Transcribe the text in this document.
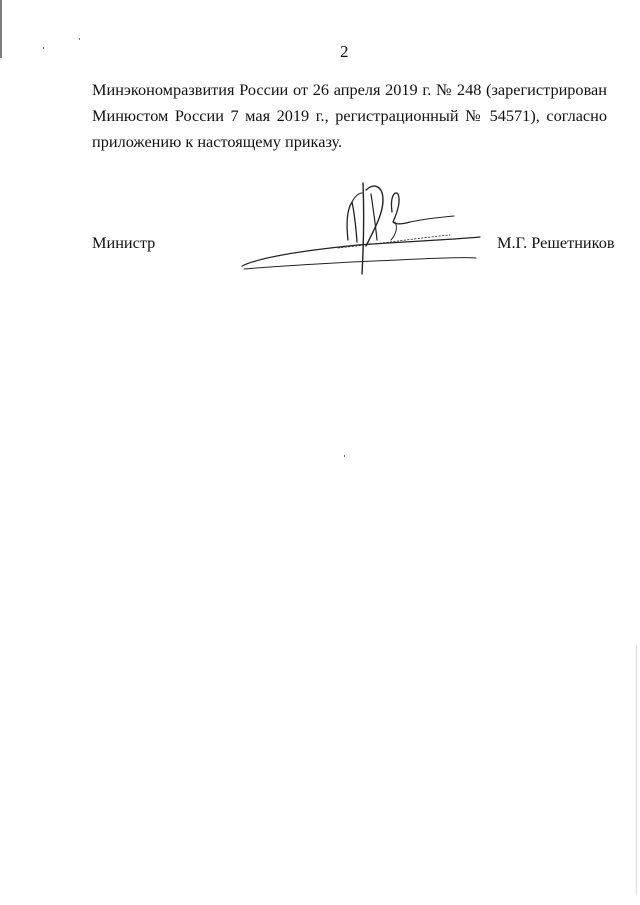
2
Минэкономразвития России от 26 апреля 2019 г. № 248 (зарегистрирован
Минюстом России 7 мая 2019 г., регистрационный № 54571), согласно
приложению к настоящему приказу.
Министр	М.Г. Решетников
